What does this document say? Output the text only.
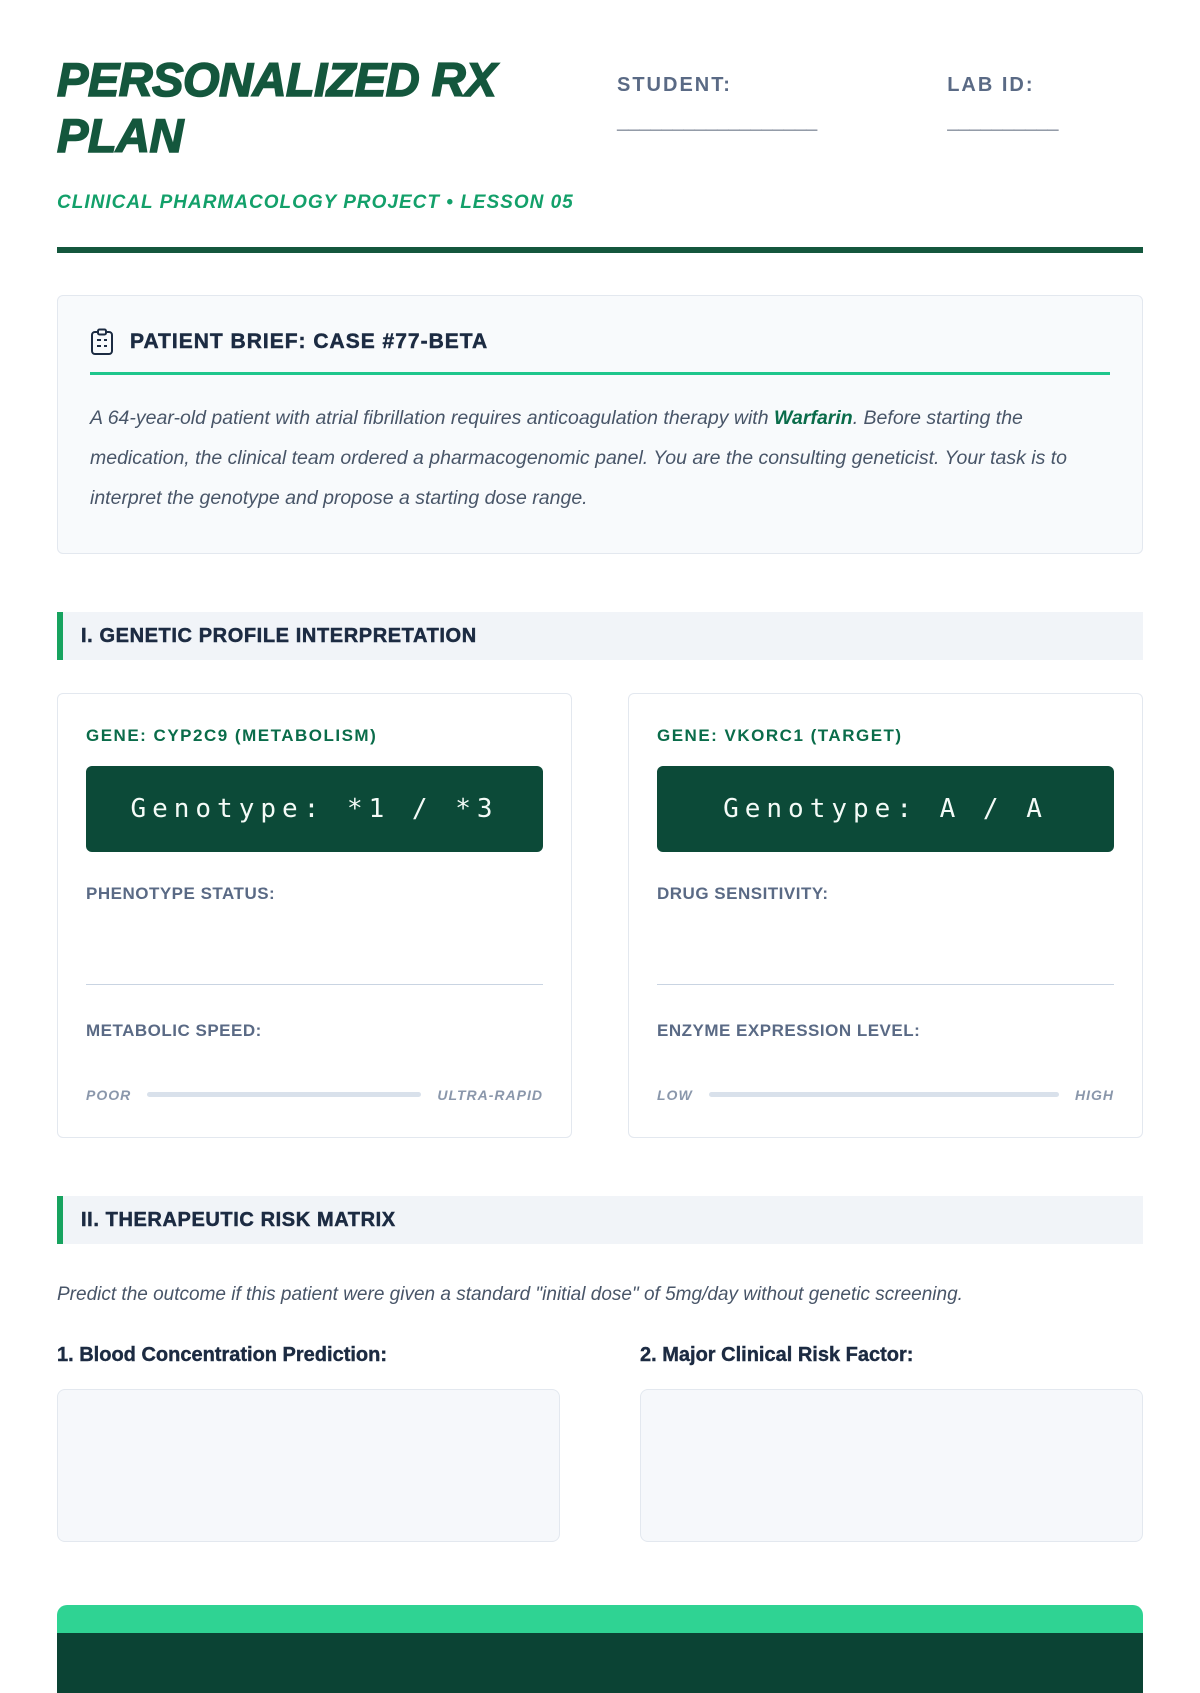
PERSONALIZED RX PLAN
CLINICAL PHARMACOLOGY PROJECT • LESSON 05
STUDENT:
__________________
LAB ID:
__________
PATIENT BRIEF: CASE #77-BETA

A 64-year-old patient with atrial fibrillation requires anticoagulation therapy with Warfarin. Before starting the medication, the clinical team ordered a pharmacogenomic panel. You are the consulting geneticist. Your task is to interpret the genotype and propose a starting dose range.

I. GENETIC PROFILE INTERPRETATION
GENE: CYP2C9 (METABOLISM)
Genotype: *1 / *3
PHENOTYPE STATUS:
METABOLIC SPEED:
POOR	ULTRA-RAPID
GENE: VKORC1 (TARGET)
Genotype: A / A
DRUG SENSITIVITY:
ENZYME EXPRESSION LEVEL:
LOW	HIGH
II. THERAPEUTIC RISK MATRIX

Predict the outcome if this patient were given a standard "initial dose" of 5mg/day without genetic screening.

1. Blood Concentration Prediction:	2. Major Clinical Risk Factor:
